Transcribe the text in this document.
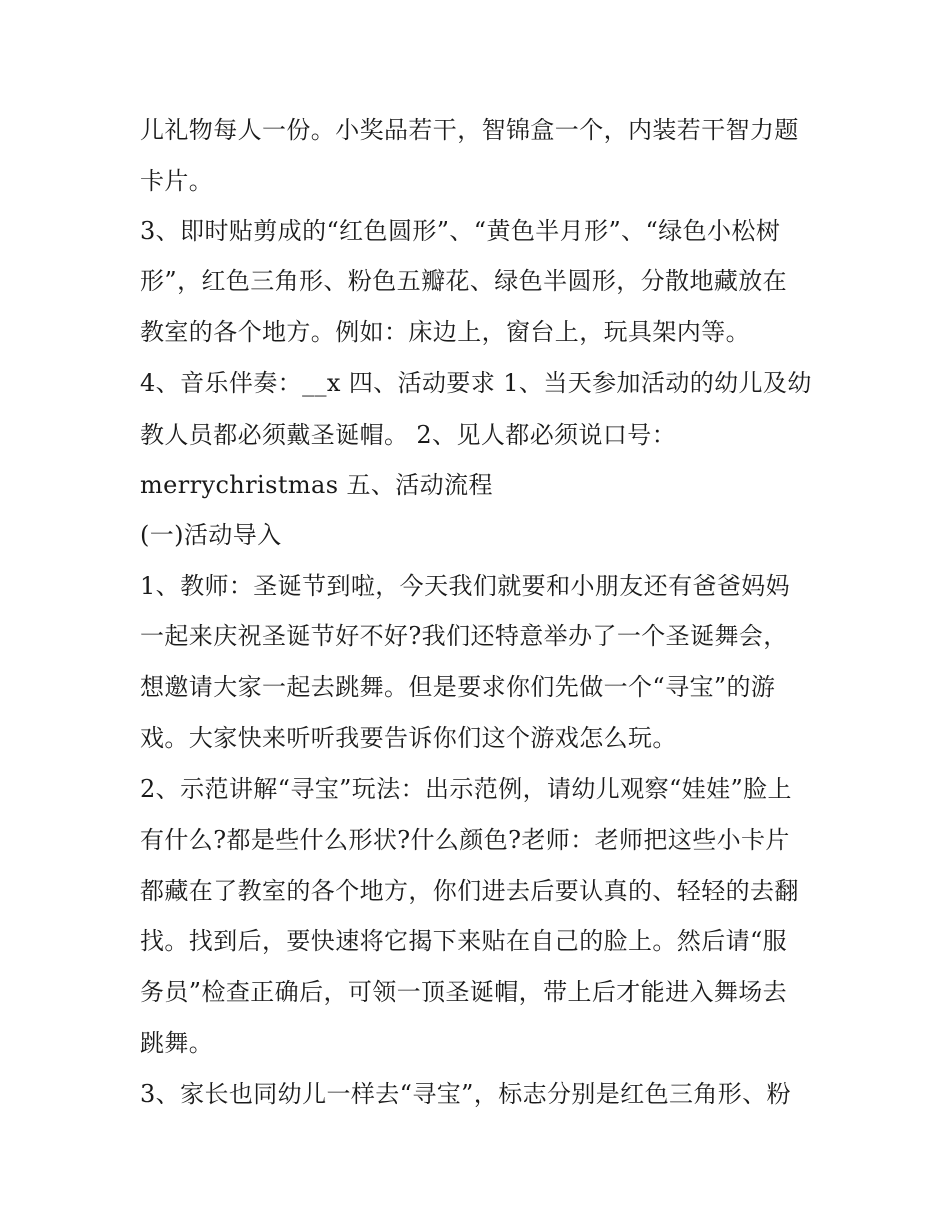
儿礼物每人一份。小奖品若干，智锦盒一个，内装若干智力题
卡片。
3、即时贴剪成的“红色圆形”、“黄色半月形”、“绿色小松树
形”，红色三角形、粉色五瓣花、绿色半圆形，分散地藏放在
教室的各个地方。例如：床边上，窗台上，玩具架内等。
4、音乐伴奏：__x 四、活动要求 1、当天参加活动的幼儿及幼
教人员都必须戴圣诞帽。 2、见人都必须说口号：
merrychristmas 五、活动流程
(一)活动导入
1、教师：圣诞节到啦，今天我们就要和小朋友还有爸爸妈妈
一起来庆祝圣诞节好不好?我们还特意举办了一个圣诞舞会，
想邀请大家一起去跳舞。但是要求你们先做一个“寻宝”的游
戏。大家快来听听我要告诉你们这个游戏怎么玩。
2、示范讲解“寻宝”玩法：出示范例，请幼儿观察“娃娃”脸上
有什么?都是些什么形状?什么颜色?老师：老师把这些小卡片
都藏在了教室的各个地方，你们进去后要认真的、轻轻的去翻
找。找到后，要快速将它揭下来贴在自己的脸上。然后请“服
务员”检查正确后，可领一顶圣诞帽，带上后才能进入舞场去
跳舞。
3、家长也同幼儿一样去“寻宝”，标志分别是红色三角形、粉
